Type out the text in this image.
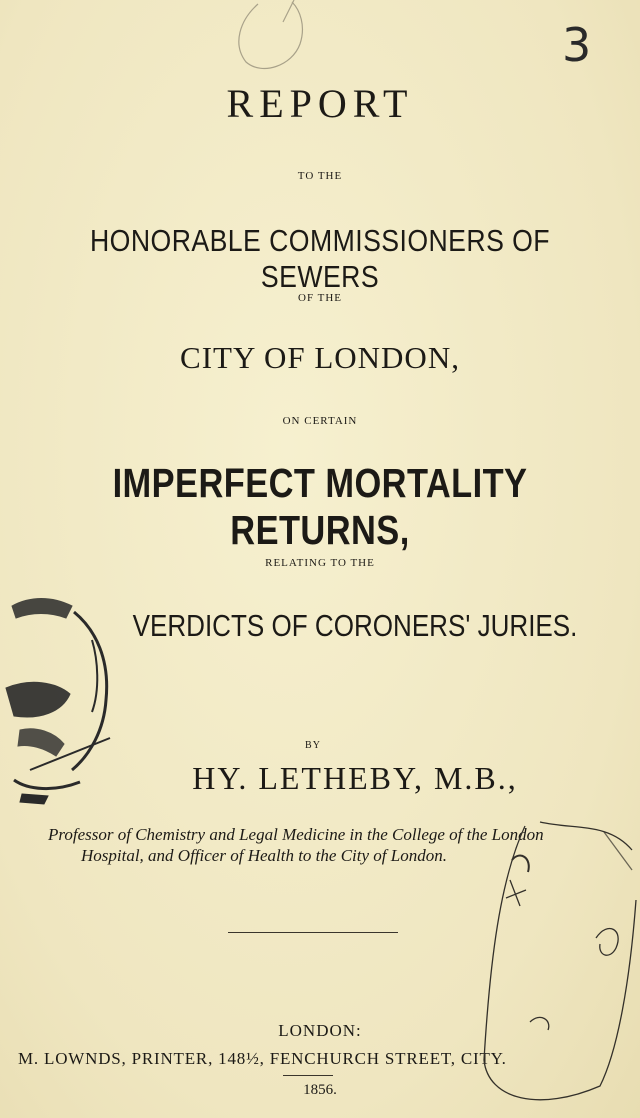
3
REPORT
TO THE
HONORABLE COMMISSIONERS OF SEWERS
OF THE
CITY OF LONDON,
ON CERTAIN
IMPERFECT MORTALITY RETURNS,
RELATING TO THE
VERDICTS OF CORONERS' JURIES.
BY
HY. LETHEBY, M.B.,
Professor of Chemistry and Legal Medicine in the College of the London
Hospital, and Officer of Health to the City of London.
LONDON:
M. LOWNDS, PRINTER, 148½, FENCHURCH STREET, CITY.
1856.
